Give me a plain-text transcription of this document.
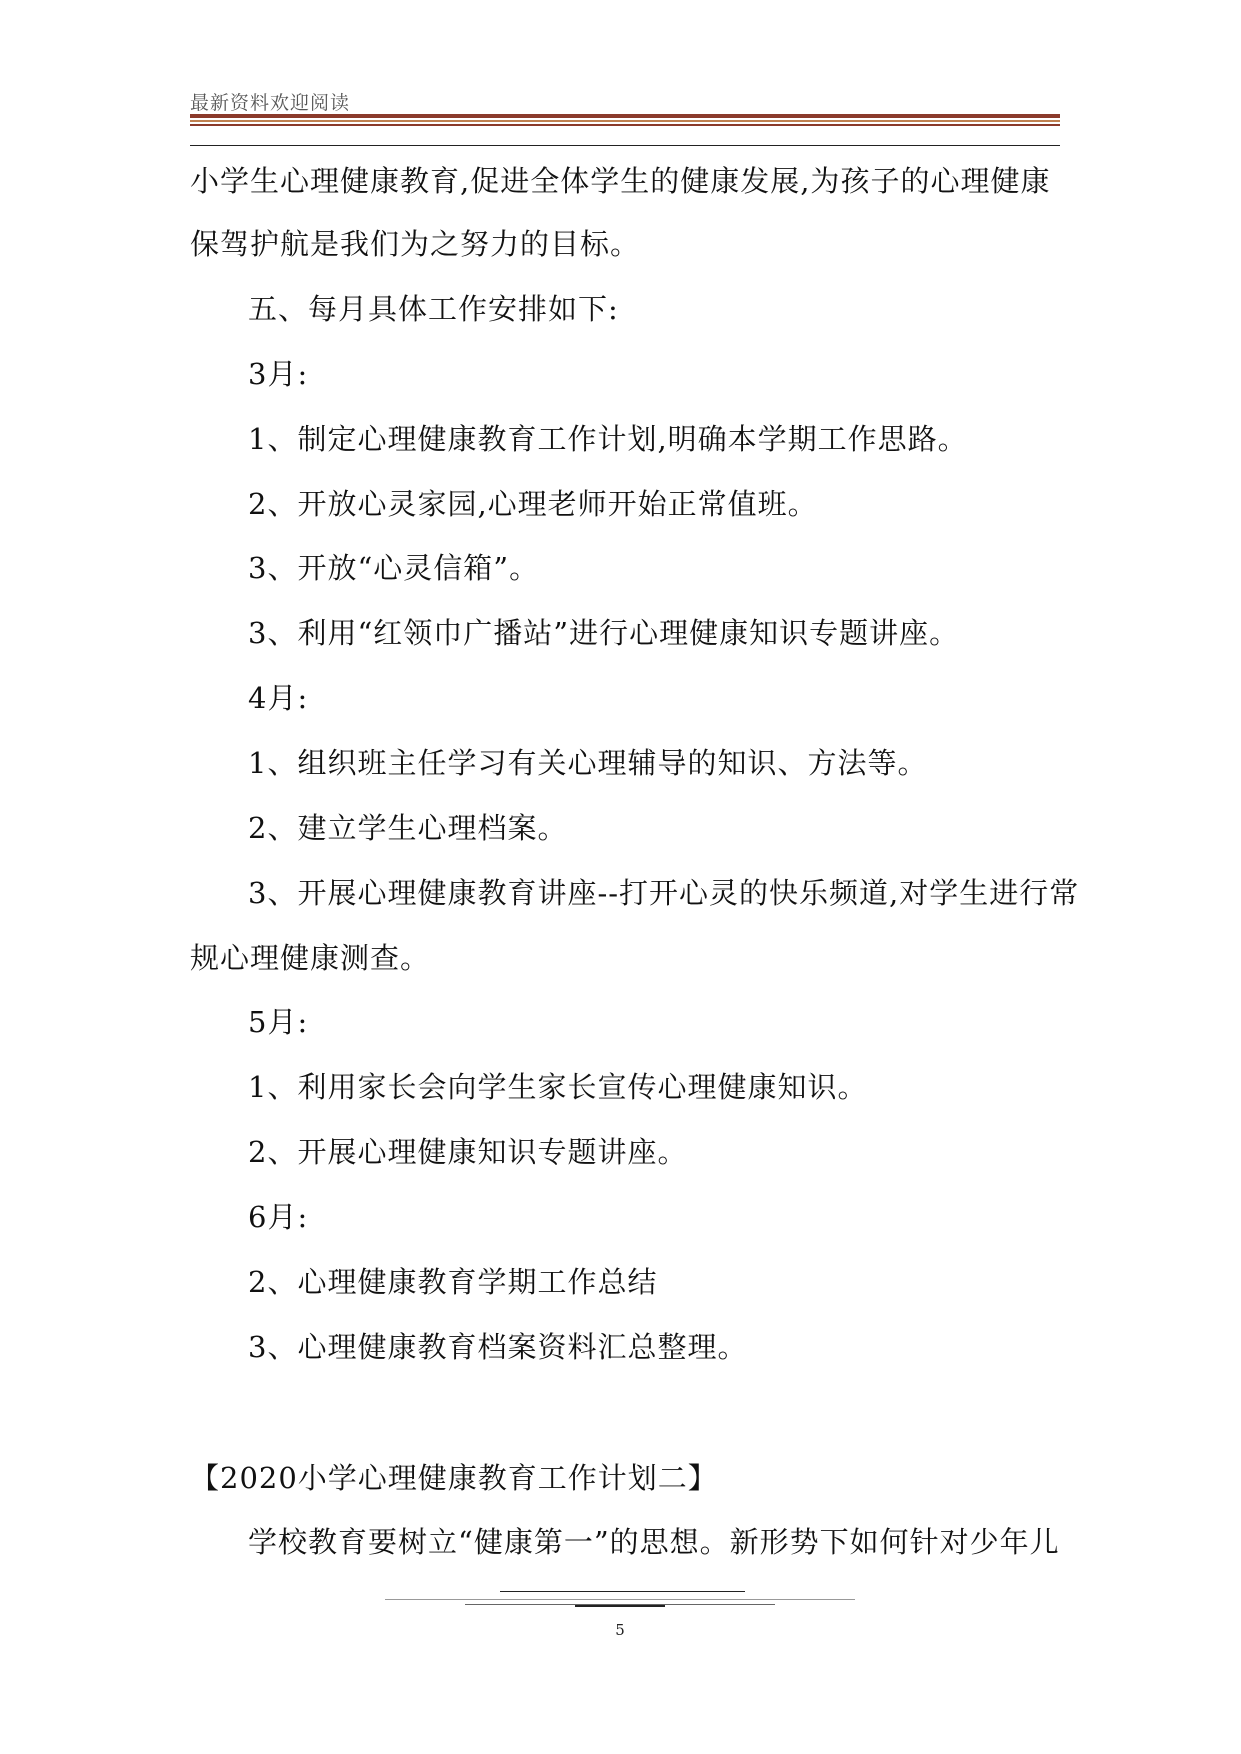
最新资料欢迎阅读
小学生心理健康教育,促进全体学生的健康发展,为孩子的心理健康
保驾护航是我们为之努力的目标。
五、每月具体工作安排如下:
3月:
1、制定心理健康教育工作计划,明确本学期工作思路。
2、开放心灵家园,心理老师开始正常值班。
3、开放“心灵信箱”。
3、利用“红领巾广播站”进行心理健康知识专题讲座。
4月:
1、组织班主任学习有关心理辅导的知识、方法等。
2、建立学生心理档案。
3、开展心理健康教育讲座--打开心灵的快乐频道,对学生进行常
规心理健康测查。
5月:
1、利用家长会向学生家长宣传心理健康知识。
2、开展心理健康知识专题讲座。
6月:
2、心理健康教育学期工作总结
3、心理健康教育档案资料汇总整理。
【2020小学心理健康教育工作计划二】
学校教育要树立“健康第一”的思想。新形势下如何针对少年儿
5
